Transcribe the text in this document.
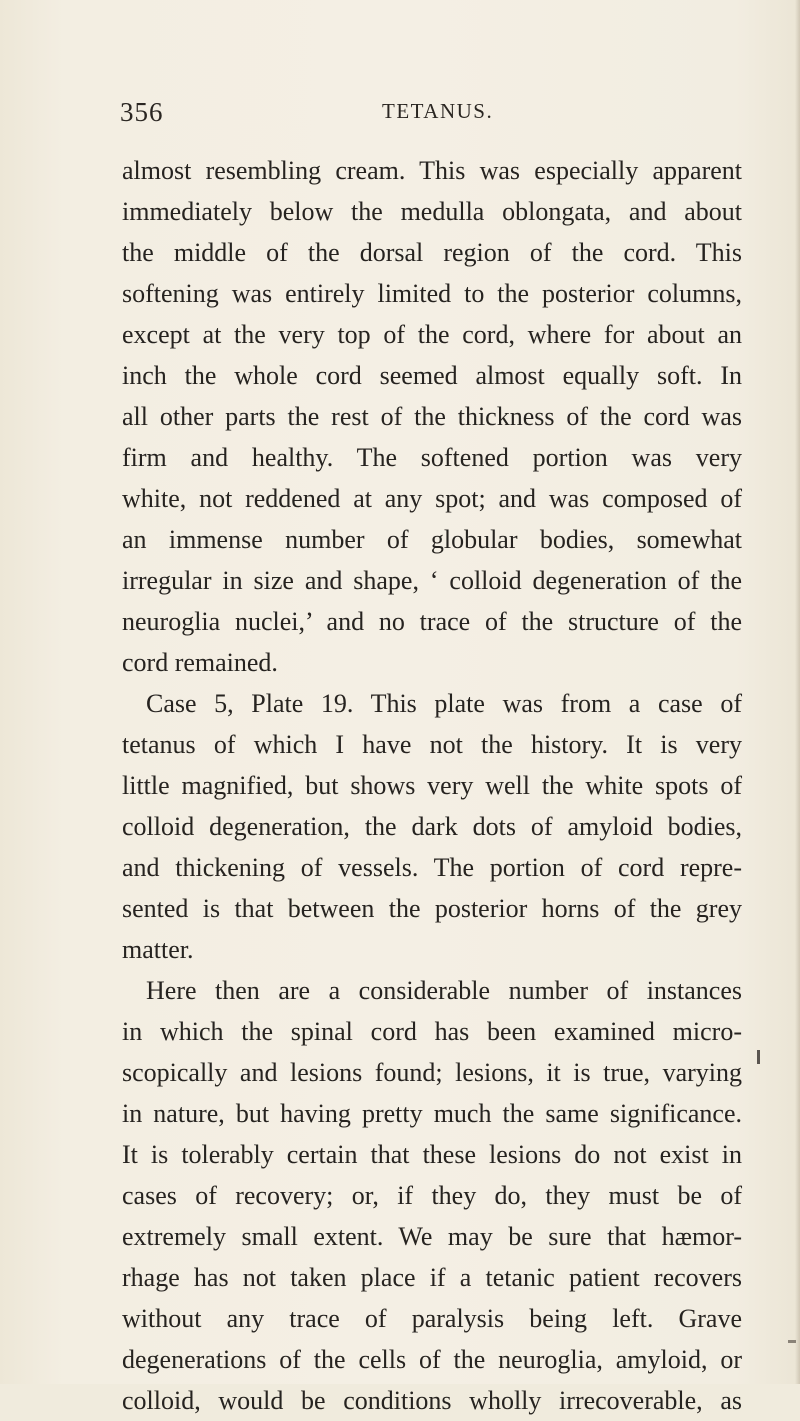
356	TETANUS.
almost resembling cream. This was especially apparent
immediately below the medulla oblongata, and about
the middle of the dorsal region of the cord. This
softening was entirely limited to the posterior columns,
except at the very top of the cord, where for about an
inch the whole cord seemed almost equally soft. In
all other parts the rest of the thickness of the cord was
firm and healthy. The softened portion was very
white, not reddened at any spot; and was composed of
an immense number of globular bodies, somewhat
irregular in size and shape, ‘ colloid degeneration of the
neuroglia nuclei,’ and no trace of the structure of the
cord remained.
Case 5, Plate 19. This plate was from a case of
tetanus of which I have not the history. It is very
little magnified, but shows very well the white spots of
colloid degeneration, the dark dots of amyloid bodies,
and thickening of vessels. The portion of cord repre-
sented is that between the posterior horns of the grey
matter.
Here then are a considerable number of instances
in which the spinal cord has been examined micro-
scopically and lesions found; lesions, it is true, varying
in nature, but having pretty much the same significance.
It is tolerably certain that these lesions do not exist in
cases of recovery; or, if they do, they must be of
extremely small extent. We may be sure that hæmor-
rhage has not taken place if a tetanic patient recovers
without any trace of paralysis being left. Grave
degenerations of the cells of the neuroglia, amyloid, or
colloid, would be conditions wholly irrecoverable, as
